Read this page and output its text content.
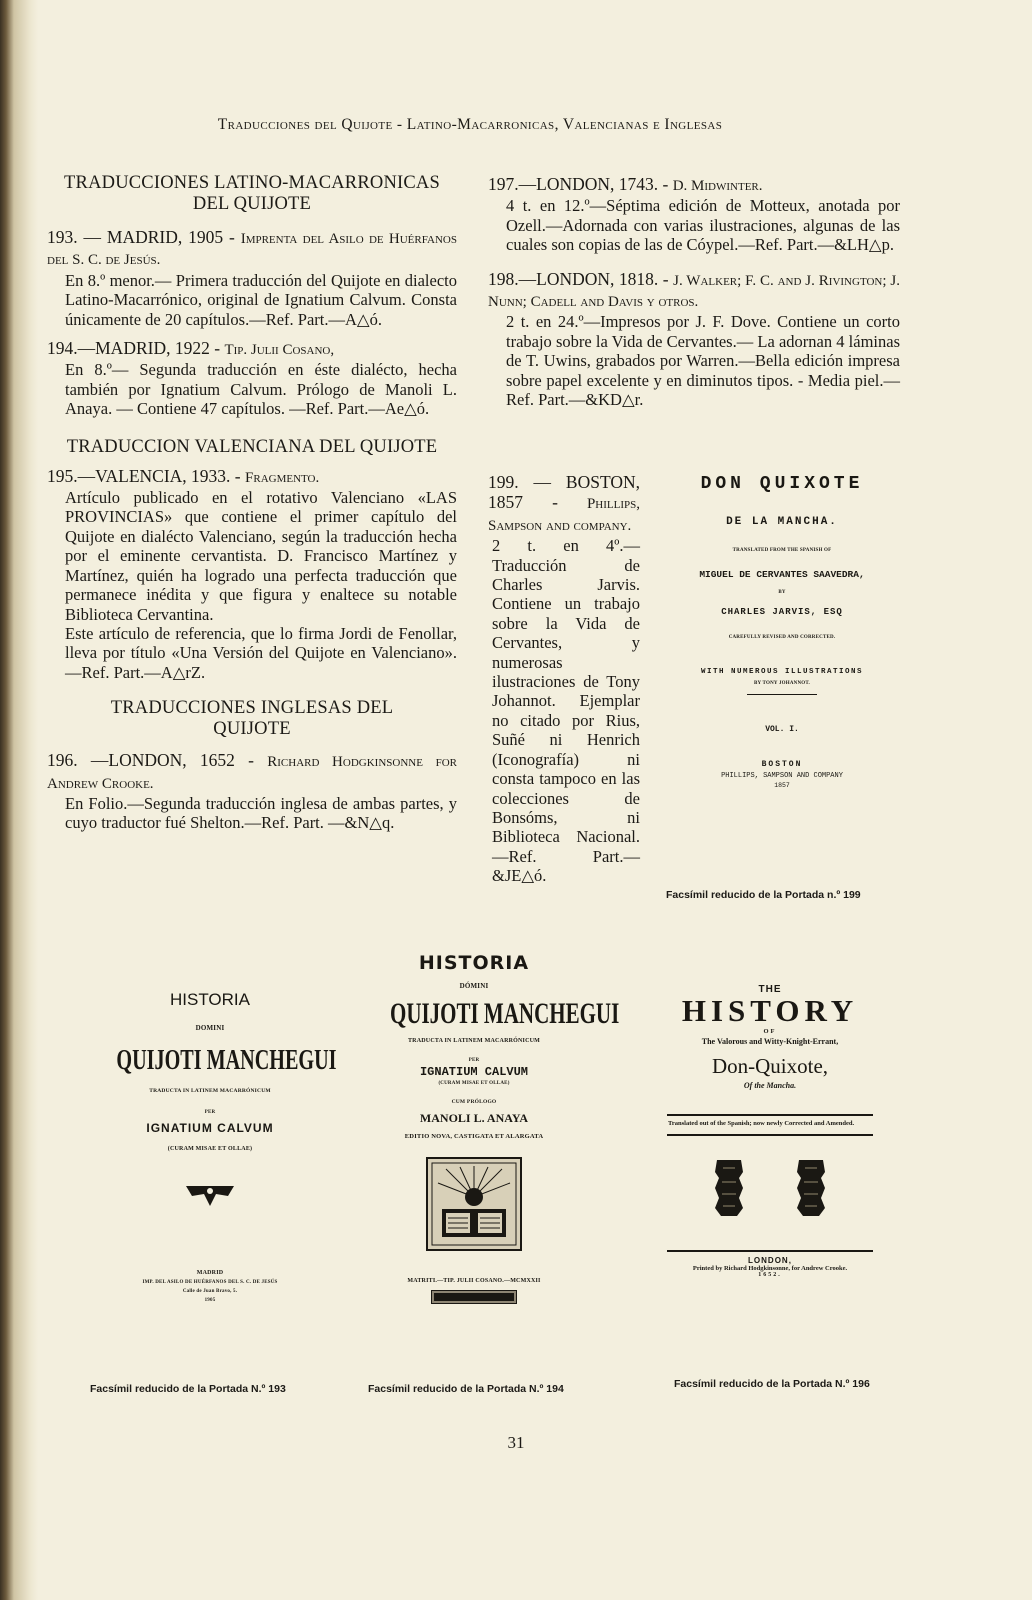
Traducciones del Quijote - Latino-Macarronicas, Valencianas e Inglesas
TRADUCCIONES LATINO-MACARRONICAS DEL QUIJOTE
193. — MADRID, 1905 - Imprenta del Asilo de Huérfanos del S. C. de Jesús.
En 8.º menor.— Primera traducción del Quijote en dialecto Latino-Macarrónico, original de Ignatium Calvum. Consta únicamente de 20 capítulos.—Ref. Part.—A△ó.
194.—MADRID, 1922 - Tip. Julii Cosano,
En 8.º— Segunda traducción en éste dialécto, hecha también por Ignatium Calvum. Prólogo de Manoli L. Anaya. — Contiene 47 capítulos. —Ref. Part.—Ae△ó.
TRADUCCION VALENCIANA DEL QUIJOTE
195.—VALENCIA, 1933. - Fragmento.
Artículo publicado en el rotativo Valenciano «LAS PROVINCIAS» que contiene el primer capítulo del Quijote en dialécto Valenciano, según la traducción hecha por el eminente cervantista. D. Francisco Martínez y Martínez, quién ha logrado una perfecta traducción que permanece inédita y que figura y enaltece su notable Biblioteca Cervantina.
Este artículo de referencia, que lo firma Jordi de Fenollar, lleva por título «Una Versión del Quijote en Valenciano».—Ref. Part.—A△rZ.
TRADUCCIONES INGLESAS DEL QUIJOTE
196. —LONDON, 1652 - Richard Hodgkinsonne for Andrew Crooke.
En Folio.—Segunda traducción inglesa de ambas partes, y cuyo traductor fué Shelton.—Ref. Part. —&N△q.
197.—LONDON, 1743. - D. Midwinter.
4 t. en 12.º—Séptima edición de Motteux, anotada por Ozell.—Adornada con varias ilustraciones, algunas de las cuales son copias de las de Cóypel.—Ref. Part.—&LH△p.
198.—LONDON, 1818. - J. Walker; F. C. and J. Rivington; J. Nunn; Cadell and Davis y otros.
2 t. en 24.º—Impresos por J. F. Dove. Contiene un corto trabajo sobre la Vida de Cervantes.— La adornan 4 láminas de T. Uwins, grabados por Warren.—Bella edición impresa sobre papel excelente y en diminutos tipos. - Media piel.— Ref. Part.—&KD△r.
199. — BOSTON, 1857 - Phillips, Sampson and company.
2 t. en 4º.— Traducción de Charles Jarvis. Contiene un trabajo sobre la Vida de Cervantes, y numerosas ilustraciones de Tony Johannot. Ejemplar no citado por Rius, Suñé ni Henrich (Iconografía) ni consta tampoco en las colecciones de Bonsóms, ni Biblioteca Nacional.—Ref. Part.— &JE△ó.
DON QUIXOTE
DE LA MANCHA.
TRANSLATED FROM THE SPANISH OF
MIGUEL DE CERVANTES SAAVEDRA,
BY
CHARLES JARVIS, ESQ
CAREFULLY REVISED AND CORRECTED.
WITH NUMEROUS ILLUSTRATIONS
BY TONY JOHANNOT.
VOL. I.
BOSTON
PHILLIPS, SAMPSON AND COMPANY
1857
Facsímil reducido de la Portada n.º 199
HISTORIA
DOMINI
QUIJOTI MANCHEGUI
TRADUCTA IN LATINEM MACARRÓNICUM
PER
IGNATIUM CALVUM
(CURAM MISAE ET OLLAE)
MADRID
IMP. DEL ASILO DE HUÉRFANOS DEL S. C. DE JESÚS
Calle de Juan Bravo, 5.
1905
Facsímil reducido de la Portada N.º 193
HISTORIA
DÓMINI
QUIJOTI MANCHEGUI
TRADUCTA IN LATINEM MACARRÓNICUM
PER
IGNATIUM CALVUM
(CURAM MISAE ET OLLAE)
CUM PRÓLOGO
MANOLI L. ANAYA
EDITIO NOVA, CASTIGATA ET ALARGATA
MATRITI.—TIP. JULII COSANO.—MCMXXII
Facsímil reducido de la Portada N.º 194
THE
HISTORY
OF
The Valorous and Witty-Knight-Errant,
Don-Quixote,
Of the Mancha.
Translated out of the Spanish; now newly Corrected and Amended.
LONDON,
Printed by Richard Hodgkinsonne, for Andrew Crooke.
1652.
Facsímil reducido de la Portada N.º 196
31
